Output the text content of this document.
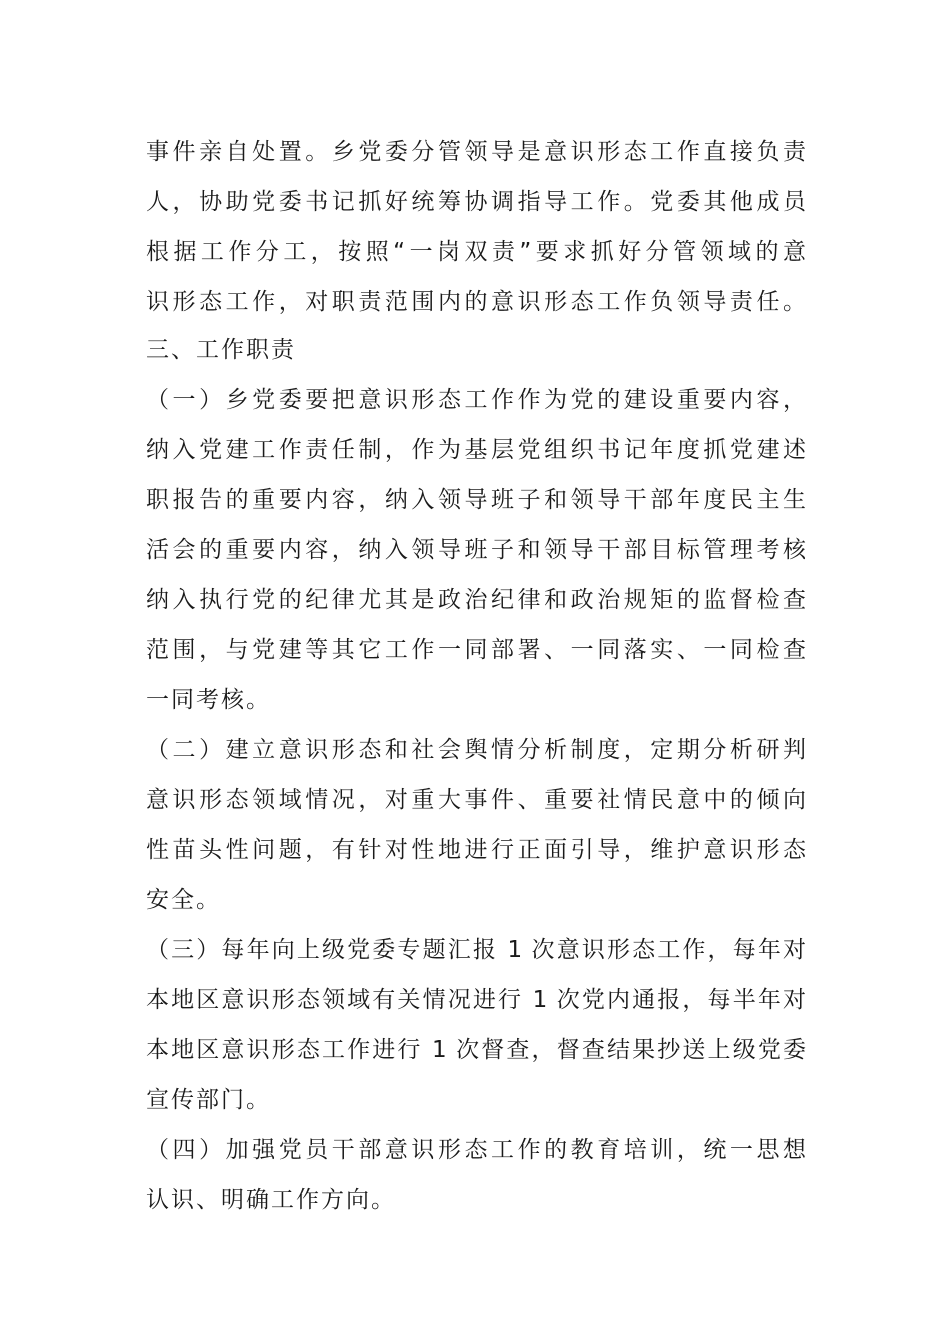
事件亲自处置。乡党委分管领导是意识形态工作直接负责
人，协助党委书记抓好统筹协调指导工作。党委其他成员
根据工作分工，按照“一岗双责”要求抓好分管领域的意
识形态工作，对职责范围内的意识形态工作负领导责任。
三、工作职责
（一）乡党委要把意识形态工作作为党的建设重要内容，
纳入党建工作责任制，作为基层党组织书记年度抓党建述
职报告的重要内容，纳入领导班子和领导干部年度民主生
活会的重要内容，纳入领导班子和领导干部目标管理考核
纳入执行党的纪律尤其是政治纪律和政治规矩的监督检查
范围，与党建等其它工作一同部署、一同落实、一同检查
一同考核。
（二）建立意识形态和社会舆情分析制度，定期分析研判
意识形态领域情况，对重大事件、重要社情民意中的倾向
性苗头性问题，有针对性地进行正面引导，维护意识形态
安全。
（三）每年向上级党委专题汇报 1 次意识形态工作，每年对
本地区意识形态领域有关情况进行 1 次党内通报，每半年对
本地区意识形态工作进行 1 次督查，督查结果抄送上级党委
宣传部门。
（四）加强党员干部意识形态工作的教育培训，统一思想
认识、明确工作方向。
